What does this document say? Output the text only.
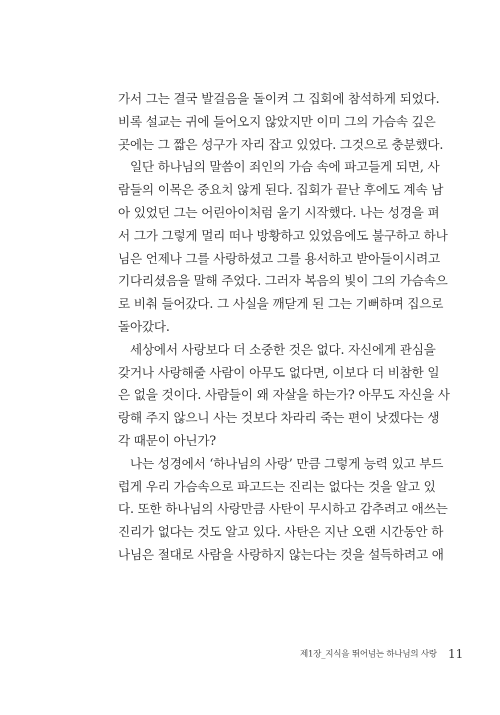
가서 그는 결국 발걸음을 돌이켜 그 집회에 참석하게 되었다.
비록 설교는 귀에 들어오지 않았지만 이미 그의 가슴속 깊은
곳에는 그 짧은 성구가 자리 잡고 있었다. 그것으로 충분했다.
일단 하나님의 말씀이 죄인의 가슴 속에 파고들게 되면, 사
람들의 이목은 중요치 않게 된다. 집회가 끝난 후에도 계속 남
아 있었던 그는 어린아이처럼 울기 시작했다. 나는 성경을 펴
서 그가 그렇게 멀리 떠나 방황하고 있었음에도 불구하고 하나
님은 언제나 그를 사랑하셨고 그를 용서하고 받아들이시려고
기다리셨음을 말해 주었다. 그러자 복음의 빛이 그의 가슴속으
로 비춰 들어갔다. 그 사실을 깨닫게 된 그는 기뻐하며 집으로
돌아갔다.
세상에서 사랑보다 더 소중한 것은 없다. 자신에게 관심을
갖거나 사랑해줄 사람이 아무도 없다면, 이보다 더 비참한 일
은 없을 것이다. 사람들이 왜 자살을 하는가? 아무도 자신을 사
랑해 주지 않으니 사는 것보다 차라리 죽는 편이 낫겠다는 생
각 때문이 아닌가?
나는 성경에서 ‘하나님의 사랑’ 만큼 그렇게 능력 있고 부드
럽게 우리 가슴속으로 파고드는 진리는 없다는 것을 알고 있
다. 또한 하나님의 사랑만큼 사탄이 무시하고 감추려고 애쓰는
진리가 없다는 것도 알고 있다. 사탄은 지난 오랜 시간동안 하
나님은 절대로 사람을 사랑하지 않는다는 것을 설득하려고 애
제1장_지식을 뛰어넘는 하나님의 사랑 11
